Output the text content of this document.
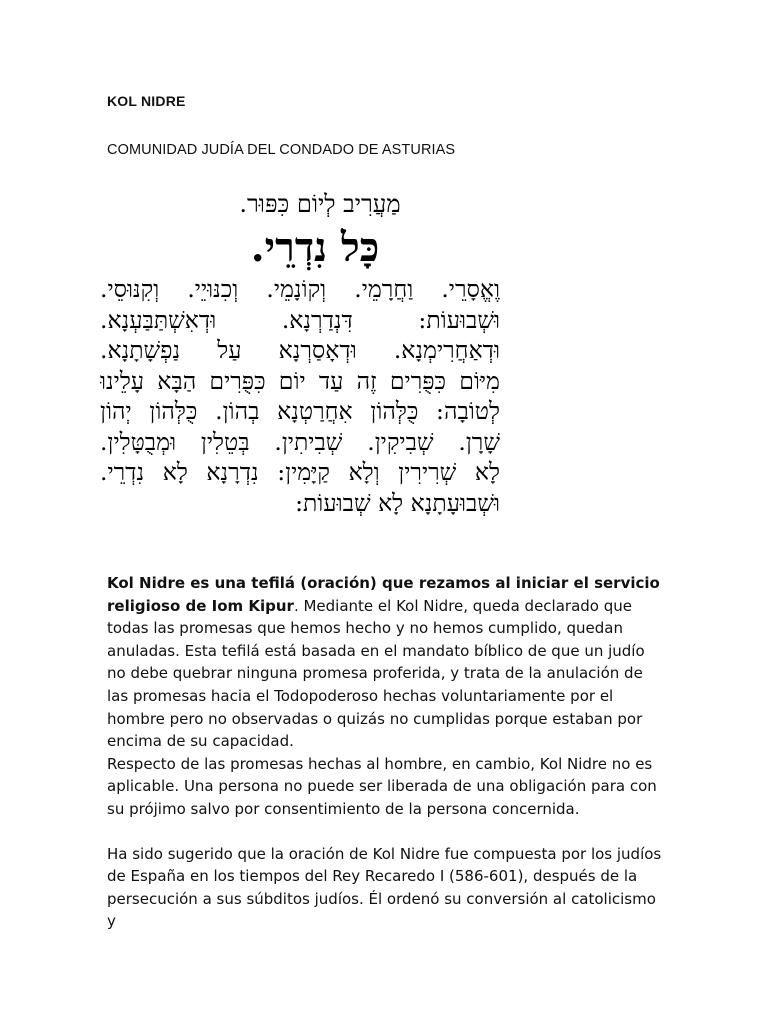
KOL NIDRE
COMUNIDAD JUDÍA DEL CONDADO DE ASTURIAS
מַעֲרִיב לְיוֹם כִּפּוּר.
כָּל נִדְרֵי.
וֶאֱסָרֵי. וַחֲרָמֵי. וְקוֹנָמֵי. וְכִנּוּיֵי. וְקִנּוּסֵי.
וּשְׁבוּעוֹת: דִּנְדַרְנָא. וּדְאִשְׁתַּבַּעְנָא.
וּדְאַחֲרִימְנָא. וּדְאָסַרְנָא עַל נַפְשָׁתָנָא.
מִיּוֹם כִּפֻּרִים זֶה עַד יוֹם כִּפֻּרִים הַבָּא עָלֵינוּ
לְטוֹבָה: כֻּלְּהוֹן אִחֲרַטְנָא בְהוֹן. כֻּלְּהוֹן יְהוֹן
שָׁרָן. שְׁבִיקִין. שְׁבִיתִין. בְּטֵלִין וּמְבֻטָּלִין.
לָא שְׁרִירִין וְלָא קַיָּמִין: נִדְרָנָא לָא נִדְרֵי.
וּשְׁבוּעָתָנָא לָא שְׁבוּעוֹת:

Kol Nidre es una tefilá (oración) que rezamos al iniciar el servicio religioso de Iom Kipur. Mediante el Kol Nidre, queda declarado que todas las promesas que hemos hecho y no hemos cumplido, quedan anuladas. Esta tefilá está basada en el mandato bíblico de que un judío no debe quebrar ninguna promesa proferida, y trata de la anulación de las promesas hacia el Todopoderoso hechas voluntariamente por el hombre pero no observadas o quizás no cumplidas porque estaban por encima de su capacidad.

Respecto de las promesas hechas al hombre, en cambio, Kol Nidre no es aplicable. Una persona no puede ser liberada de una obligación para con su prójimo salvo por consentimiento de la persona concernida.

Ha sido sugerido que la oración de Kol Nidre fue compuesta por los judíos de España en los tiempos del Rey Recaredo I (586-601), después de la persecución a sus súbditos judíos. Él ordenó su conversión al catolicismo y
